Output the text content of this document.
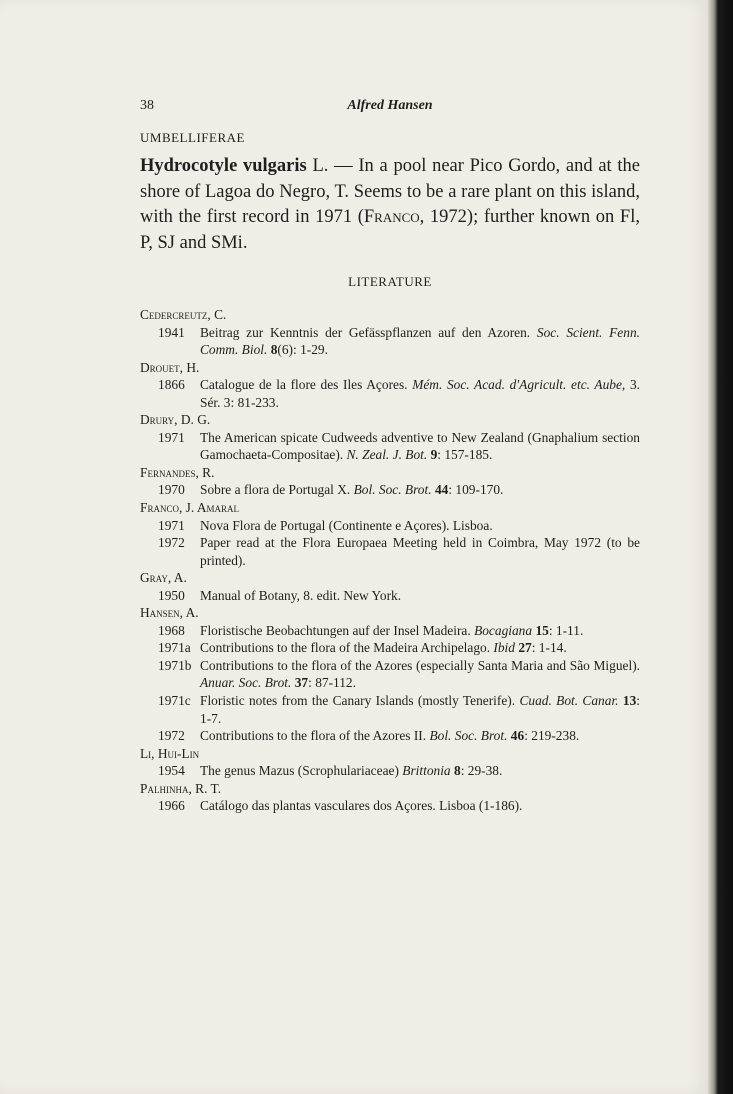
38	Alfred Hansen
UMBELLIFERAE
Hydrocotyle vulgaris L. — In a pool near Pico Gordo, and at the shore of Lagoa do Negro, T. Seems to be a rare plant on this island, with the first record in 1971 (Franco, 1972); further known on Fl, P, SJ and SMi.
LITERATURE
Cedercreutz, C.
1941	Beitrag zur Kenntnis der Gefässpflanzen auf den Azoren. Soc. Scient. Fenn. Comm. Biol. 8(6): 1-29.
Drouet, H.
1866	Catalogue de la flore des Iles Açores. Mém. Soc. Acad. d'Agricult. etc. Aube, 3. Sér. 3: 81-233.
Drury, D. G.
1971	The American spicate Cudweeds adventive to New Zealand (Gnaphalium section Gamochaeta-Compositae). N. Zeal. J. Bot. 9: 157-185.
Fernandes, R.
1970	Sobre a flora de Portugal X. Bol. Soc. Brot. 44: 109-170.
Franco, J. Amaral
1971	Nova Flora de Portugal (Continente e Açores). Lisboa.
1972	Paper read at the Flora Europaea Meeting held in Coimbra, May 1972 (to be printed).
Gray, A.
1950	Manual of Botany, 8. edit. New York.
Hansen, A.
1968	Floristische Beobachtungen auf der Insel Madeira. Bocagiana 15: 1-11.
1971a Contributions to the flora of the Madeira Archipelago. Ibid 27: 1-14.
1971b Contributions to the flora of the Azores (especially Santa Maria and São Miguel). Anuar. Soc. Brot. 37: 87-112.
1971c Floristic notes from the Canary Islands (mostly Tenerife). Cuad. Bot. Canar. 13: 1-7.
1972	Contributions to the flora of the Azores II. Bol. Soc. Brot. 46: 219-238.
Li, Hui-Lin
1954	The genus Mazus (Scrophulariaceae) Brittonia 8: 29-38.
Palhinha, R. T.
1966	Catálogo das plantas vasculares dos Açores. Lisboa (1-186).
